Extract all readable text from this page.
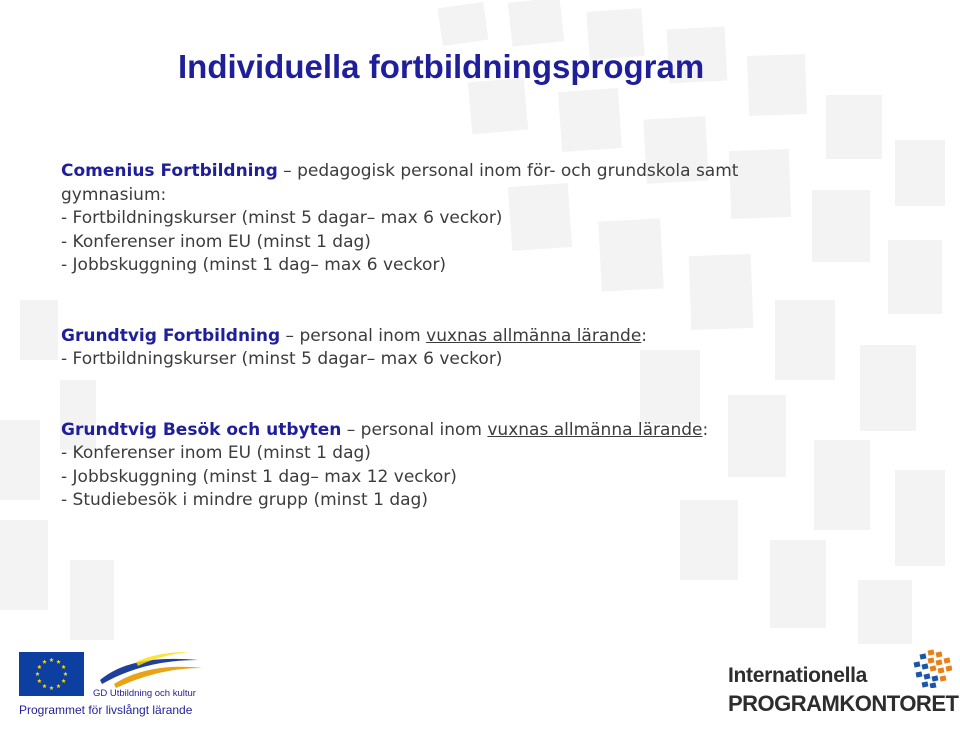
Individuella fortbildningsprogram
Comenius Fortbildning – pedagogisk personal inom för- och grundskola samt
gymnasium:
- Fortbildningskurser (minst 5 dagar– max 6 veckor)
- Konferenser inom EU (minst 1 dag)
- Jobbskuggning (minst 1 dag– max 6 veckor)
Grundtvig Fortbildning – personal inom vuxnas allmänna lärande:
- Fortbildningskurser (minst 5 dagar– max 6 veckor)
Grundtvig Besök och utbyten – personal inom vuxnas allmänna lärande:
- Konferenser inom EU (minst 1 dag)
- Jobbskuggning (minst 1 dag– max 12 veckor)
- Studiebesök i mindre grupp (minst 1 dag)
GD Utbildning och kultur
Programmet för livslångt lärande

Internationella

PROGRAMKONTORET
